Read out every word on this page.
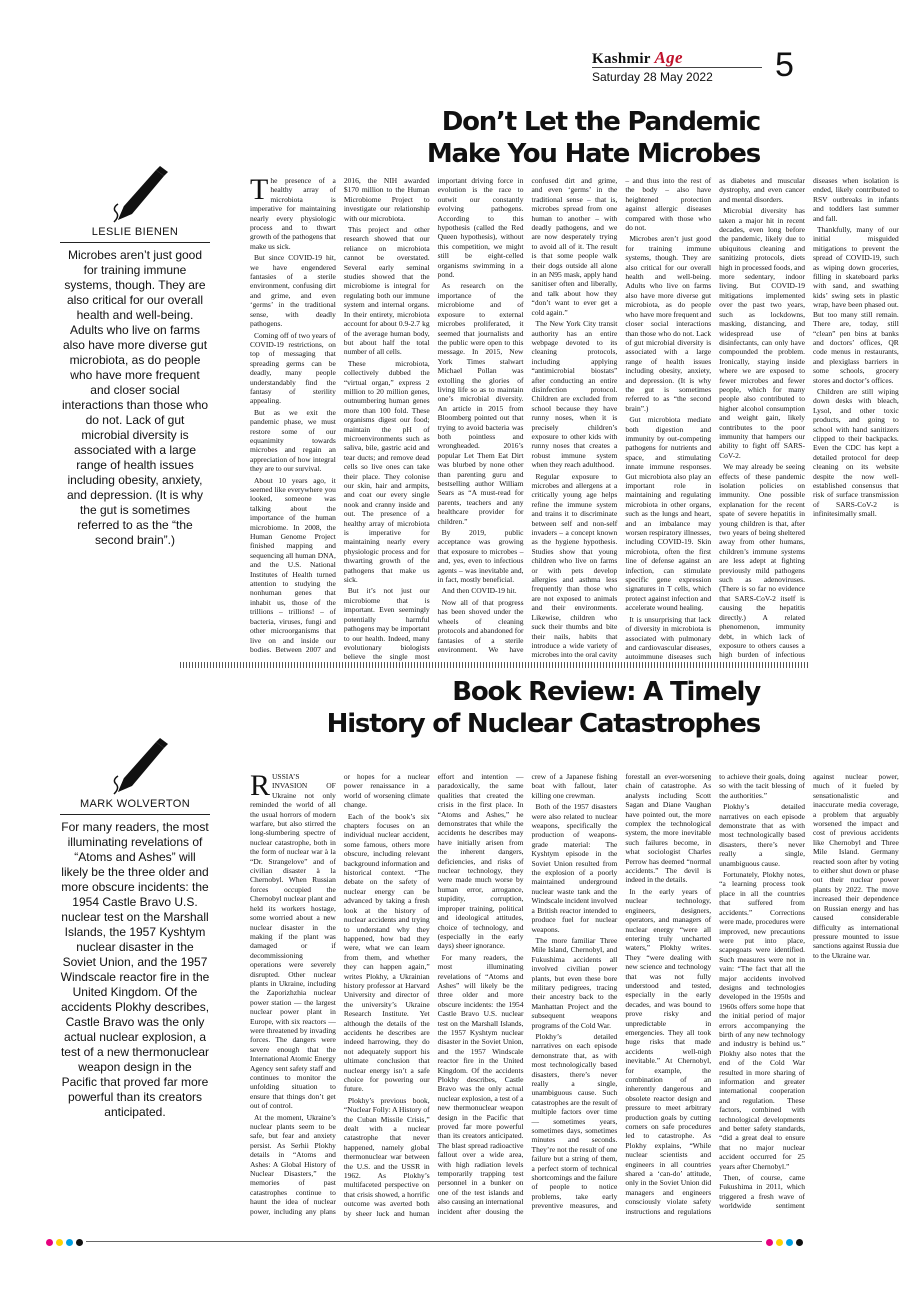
Kashmir Age
Saturday 28 May 2022 5
Don’t Let the Pandemic
Make You Hate Microbes
LESLIE BIENEN
Microbes aren’t just good for training immune systems, though. They are also critical for our overall health and well-being. Adults who live on farms also have more diverse gut microbiota, as do people who have more frequent and closer social interactions than those who do not. Lack of gut microbial diversity is associated with a large range of health issues including obesity, anxiety, and depression. (It is why the gut is sometimes referred to as the “the second brain”.)

The presence of a healthy array of microbiota is imperative for maintaining nearly every physiologic process and to thwart growth of the pathogens that make us sick.

But since COVID-19 hit, we have engendered fantasies of a sterile environment, confusing dirt and grime, and even ‘germs’ in the traditional sense, with deadly pathogens.

Coming off of two years of COVID-19 restrictions, on top of messaging that spreading germs can be deadly, many people understandably find the fantasy of sterility appealing.

But as we exit the pandemic phase, we must restore some of our equanimity towards microbes and regain an appreciation of how integral they are to our survival.

About 10 years ago, it seemed like everywhere you looked, someone was talking about the importance of the human microbiome. In 2008, the Human Genome Project finished mapping and sequencing all human DNA, and the U.S. National Institutes of Health turned attention to studying the nonhuman genes that inhabit us, those of the trillions – trillions! – of bacteria, viruses, fungi and other microorganisms that live on and inside our bodies. Between 2007 and 2016, the NIH awarded $170 million to the Human Microbiome Project to investigate our relationship with our microbiota.

This project and other research showed that our reliance on microbiota cannot be overstated. Several early seminal studies showed that the microbiome is integral for regulating both our immune system and internal organs. In their entirety, microbiota account for about 0.9-2.7 kg of the average human body, but about half the total number of all cells.

These microbiota, collectively dubbed the “virtual organ,” express 2 million to 20 million genes, outnumbering human genes more than 100 fold. These organisms digest our food; maintain the pH of microenvironments such as saliva, bile, gastric acid and tear ducts; and remove dead cells so live ones can take their place. They colonise our skin, hair and armpits, and coat our every single nook and cranny inside and out. The presence of a healthy array of microbiota is imperative for maintaining nearly every physiologic process and for thwarting growth of the pathogens that make us sick.

But it’s not just our microbiome that is important. Even seemingly potentially harmful pathogens may be important to our health. Indeed, many evolutionary biologists believe the single most important driving force in evolution is the race to outwit our constantly evolving pathogens. According to this hypothesis (called the Red Queen hypothesis), without this competition, we might still be eight-celled organisms swimming in a pond.

As research on the importance of the microbiome and of exposure to external microbes proliferated, it seemed that journalists and the public were open to this message. In 2015, New York Times stalwart Michael Pollan was extolling the glories of living life so as to maintain one’s microbial diversity. An article in 2015 from Bloomberg pointed out that trying to avoid bacteria was both pointless and wrongheaded. 2016’s popular Let Them Eat Dirt was blurbed by none other than parenting guru and bestselling author William Sears as “A must-read for parents, teachers and any healthcare provider for children.”

By 2019, public acceptance was growing that exposure to microbes – and, yes, even to infectious agents – was inevitable and, in fact, mostly beneficial.

And then COVID-19 hit.

Now all of that progress has been shoved under the wheels of cleaning protocols and abandoned for fantasies of a sterile environment. We have confused dirt and grime, and even ‘germs’ in the traditional sense – that is, microbes spread from one human to another – with deadly pathogens, and we are now desperately trying to avoid all of it. The result is that some people walk their dogs outside all alone in an N95 mask, apply hand sanitiser often and liberally, and talk about how they “don’t want to ever get a cold again.”

The New York City transit authority has an entire webpage devoted to its cleaning protocols, including applying “antimicrobial biostats” after conducting an entire disinfection protocol. Children are excluded from school because they have runny noses, when it is precisely children’s exposure to other kids with runny noses that creates a robust immune system when they reach adulthood.

Regular exposure to microbes and allergens at a critically young age helps refine the immune system and trains it to discriminate between self and non-self invaders – a concept known as the hygiene hypothesis. Studies show that young children who live on farms or with pets develop allergies and asthma less frequently than those who are not exposed to animals and their environments. Likewise, children who suck their thumbs and bite their nails, habits that introduce a wide variety of microbes into the oral cavity – and thus into the rest of the body – also have heightened protection against allergic diseases compared with those who do not.

Microbes aren’t just good for training immune systems, though. They are also critical for our overall health and well-being. Adults who live on farms also have more diverse gut microbiota, as do people who have more frequent and closer social interactions than those who do not. Lack of gut microbial diversity is associated with a large range of health issues including obesity, anxiety, and depression. (It is why the gut is sometimes referred to as “the second brain”.)

Gut microbiota mediate both digestion and immunity by out-competing pathogens for nutrients and space, and stimulating innate immune responses. Gut microbiota also play an important role in maintaining and regulating microbiota in other organs, such as the lungs and heart, and an imbalance may worsen respiratory illnesses, including COVID-19. Skin microbiota, often the first line of defense against an infection, can stimulate specific gene expression signatures in T cells, which protect against infection and accelerate wound healing.

It is unsurprising that lack of diversity in microbiota is associated with pulmonary and cardiovascular diseases, autoimmune diseases such as diabetes and muscular dystrophy, and even cancer and mental disorders.

Microbial diversity has taken a major hit in recent decades, even long before the pandemic, likely due to ubiquitous cleaning and sanitizing protocols, diets high in processed foods, and more sedentary, indoor living. But COVID-19 mitigations implemented over the past two years, such as lockdowns, masking, distancing, and widespread use of disinfectants, can only have compounded the problem. Ironically, staying inside where we are exposed to fewer microbes and fewer people, which for many people also contributed to higher alcohol consumption and weight gain, likely contributes to the poor immunity that hampers our ability to fight off SARS-CoV-2.

We may already be seeing effects of these pandemic isolation policies on immunity. One possible explanation for the recent spate of severe hepatitis in young children is that, after two years of being sheltered away from other humans, children’s immune systems are less adept at fighting previously mild pathogens such as adenoviruses. (There is so far no evidence that SARS-CoV-2 itself is causing the hepatitis directly.) A related phenomenon, immunity debt, in which lack of exposure to others causes a high burden of infectious diseases when isolation is ended, likely contributed to RSV outbreaks in infants and toddlers last summer and fall.

Thankfully, many of our initial misguided mitigations to prevent the spread of COVID-19, such as wiping down groceries, filling in skateboard parks with sand, and swathing kids’ swing sets in plastic wrap, have been phased out. But too many still remain. There are, today, still “clean” pen bins at banks and doctors’ offices, QR code menus in restaurants, and plexiglass barriers in some schools, grocery stores and doctor’s offices.

Children are still wiping down desks with bleach, Lysol, and other toxic products, and going to school with hand sanitizers clipped to their backpacks. Even the CDC has kept a detailed protocol for deep cleaning on its website despite the now well-established consensus that risk of surface transmission of SARS-CoV-2 is infinitesimally small.

Book Review: A Timely
History of Nuclear Catastrophes
MARK WOLVERTON
For many readers, the most illuminating revelations of “Atoms and Ashes” will likely be the three older and more obscure incidents: the 1954 Castle Bravo U.S. nuclear test on the Marshall Islands, the 1957 Kyshtym nuclear disaster in the Soviet Union, and the 1957 Windscale reactor fire in the United Kingdom. Of the accidents Plokhy describes, Castle Bravo was the only actual nuclear explosion, a test of a new thermonuclear weapon design in the Pacific that proved far more powerful than its creators anticipated.

RUSSIA’S INVASION OF Ukraine not only reminded the world of all the usual horrors of modern warfare, but also stirred the long-slumbering spectre of nuclear catastrophe, both in the form of nuclear war à la “Dr. Strangelove” and of civilian disaster à la Chernobyl. When Russian forces occupied the Chernobyl nuclear plant and held its workers hostage, some worried about a new nuclear disaster in the making if the plant was damaged or if decommissioning operations were severely disrupted. Other nuclear plants in Ukraine, including the Zaporizhzhia nuclear power station — the largest nuclear power plant in Europe, with six reactors — were threatened by invading forces. The dangers were severe enough that the International Atomic Energy Agency sent safety staff and continues to monitor the unfolding situation to ensure that things don’t get out of control.

At the moment, Ukraine’s nuclear plants seem to be safe, but fear and anxiety persist. As Serhii Plokhy details in “Atoms and Ashes: A Global History of Nuclear Disasters,” the memories of past catastrophes continue to haunt the idea of nuclear power, including any plans or hopes for a nuclear power renaissance in a world of worsening climate change.

Each of the book’s six chapters focuses on an individual nuclear accident, some famous, others more obscure, including relevant background information and historical context. “The debate on the safety of nuclear energy can be advanced by taking a fresh look at the history of nuclear accidents and trying to understand why they happened, how bad they were, what we can learn from them, and whether they can happen again,” writes Plokhy, a Ukrainian history professor at Harvard University and director of the university’s Ukraine Research Institute. Yet although the details of the accidents he describes are indeed harrowing, they do not adequately support his ultimate conclusion that nuclear energy isn’t a safe choice for powering our future.

Plokhy’s previous book, “Nuclear Folly: A History of the Cuban Missile Crisis,” dealt with a nuclear catastrophe that never happened, namely global thermonuclear war between the U.S. and the USSR in 1962. As Plokhy’s multifaceted perspective on that crisis showed, a horrific outcome was averted both by sheer luck and human effort and intention — paradoxically, the same qualities that created the crisis in the first place. In “Atoms and Ashes,” he demonstrates that while the accidents he describes may have initially arisen from the inherent dangers, deficiencies, and risks of nuclear technology, they were made much worse by human error, arrogance, stupidity, corruption, improper training, political and ideological attitudes, choice of technology, and (especially in the early days) sheer ignorance.

For many readers, the most illuminating revelations of “Atoms and Ashes” will likely be the three older and more obscure incidents: the 1954 Castle Bravo U.S. nuclear test on the Marshall Islands, the 1957 Kyshtym nuclear disaster in the Soviet Union, and the 1957 Windscale reactor fire in the United Kingdom. Of the accidents Plokhy describes, Castle Bravo was the only actual nuclear explosion, a test of a new thermonuclear weapon design in the Pacific that proved far more powerful than its creators anticipated. The blast spread radioactive fallout over a wide area, with high radiation levels temporarily trapping test personnel in a bunker on one of the test islands and also causing an international incident after dousing the crew of a Japanese fishing boat with fallout, later killing one crewman.

Both of the 1957 disasters were also related to nuclear weapons, specifically the production of weapons-grade material: The Kyshtym episode in the Soviet Union resulted from the explosion of a poorly maintained underground nuclear waste tank and the Windscale incident involved a British reactor intended to produce fuel for nuclear weapons.

The more familiar Three Mile Island, Chernobyl, and Fukushima accidents all involved civilian power plants, but even these bore military pedigrees, tracing their ancestry back to the Manhattan Project and the subsequent weapons programs of the Cold War.

Plokhy’s detailed narratives on each episode demonstrate that, as with most technologically based disasters, there’s never really a single, unambiguous cause. Such catastrophes are the result of multiple factors over time — sometimes years, sometimes days, sometimes minutes and seconds. They’re not the result of one failure but a string of them, a perfect storm of technical shortcomings and the failure of people to notice problems, take early preventive measures, and forestall an ever-worsening chain of catastrophe. As analysts including Scott Sagan and Diane Vaughan have pointed out, the more complex the technological system, the more inevitable such failures become, in what sociologist Charles Perrow has deemed “normal accidents.” The devil is indeed in the details.

In the early years of nuclear technology, engineers, designers, operators, and managers of nuclear energy “were all entering truly uncharted waters,” Plokhy writes. They “were dealing with new science and technology that was not fully understood and tested, especially in the early decades, and was bound to prove risky and unpredictable in emergencies. They all took huge risks that made accidents well-nigh inevitable.” At Chernobyl, for example, the combination of an inherently dangerous and obsolete reactor design and pressure to meet arbitrary production goals by cutting corners on safe procedures led to catastrophe. As Plokhy explains, “While nuclear scientists and engineers in all countries shared a ‘can-do’ attitude, only in the Soviet Union did managers and engineers consciously violate safety instructions and regulations to achieve their goals, doing so with the tacit blessing of the authorities.”

Plokhy’s detailed narratives on each episode demonstrate that as with most technologically based disasters, there’s never really a single, unambiguous cause.

Fortunately, Plokhy notes, “a learning process took place in all the countries that suffered from accidents.” Corrections were made, procedures were improved, new precautions were put into place, scapegoats were identified. Such measures were not in vain: “The fact that all the major accidents involved designs and technologies developed in the 1950s and 1960s offers some hope that the initial period of major errors accompanying the birth of any new technology and industry is behind us.” Plokhy also notes that the end of the Cold War resulted in more sharing of information and greater international cooperation and regulation. These factors, combined with technological developments and better safety standards, “did a great deal to ensure that no major nuclear accident occurred for 25 years after Chernobyl.”

Then, of course, came Fukushima in 2011, which triggered a fresh wave of worldwide sentiment against nuclear power, much of it fueled by sensationalistic and inaccurate media coverage, a problem that arguably worsened the impact and cost of previous accidents like Chernobyl and Three Mile Island. Germany reacted soon after by voting to either shut down or phase out their nuclear power plants by 2022. The move increased their dependence on Russian energy and has caused considerable difficulty as international pressure mounted to issue sanctions against Russia due to the Ukraine war.
